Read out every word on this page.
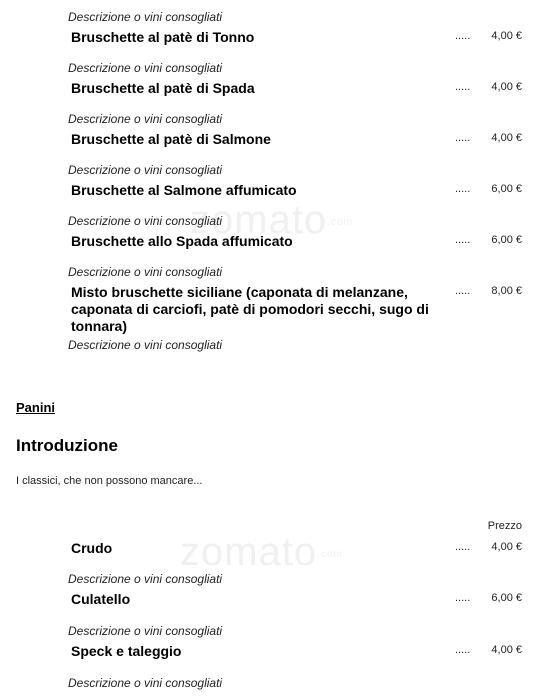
zomato.com
zomato.com
Descrizione o vini consogliati
Bruschette al patè di Tonno	..... 4,00 €
Descrizione o vini consogliati
Bruschette al patè di Spada	..... 4,00 €
Descrizione o vini consogliati
Bruschette al patè di Salmone	..... 4,00 €
Descrizione o vini consogliati
Bruschette al Salmone affumicato	..... 6,00 €
Descrizione o vini consogliati
Bruschette allo Spada affumicato	..... 6,00 €
Descrizione o vini consogliati
Misto bruschette siciliane (caponata di melanzane, caponata di carciofi, patè di pomodori secchi, sugo di tonnara)
..... 8,00 €
Descrizione o vini consogliati
Panini
Introduzione
I classici, che non possono mancare...
Prezzo
Crudo	..... 4,00 €
Descrizione o vini consogliati
Culatello	..... 6,00 €
Descrizione o vini consogliati
Speck e taleggio	..... 4,00 €
Descrizione o vini consogliati
